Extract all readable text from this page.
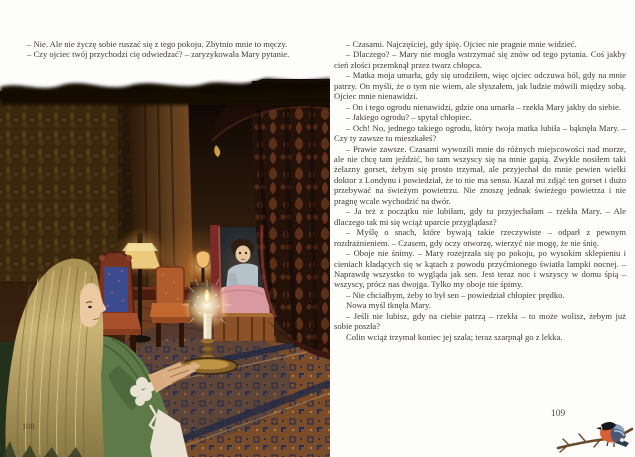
– Nie. Ale nie życzę sobie ruszać się z tego pokoju. Zbytnio mnie to męczy.

– Czy ojciec twój przychodzi cię odwiedzać? – zaryzykowała Mary pytanie.

108

– Czasami. Najczęściej, gdy śpię. Ojciec nie pragnie mnie widzieć.

– Dlaczego? – Mary nie mogła wstrzymać się znów od tego pytania. Coś jakby cień złości przemknął przez twarz chłopca.

– Matka moja umarła, gdy się urodziłem, więc ojciec odczuwa ból, gdy na mnie patrzy. On myśli, że o tym nie wiem, ale słyszałem, jak ludzie mówili między sobą. Ojciec mnie nienawidzi.

– On i tego ogrodu nienawidzi, gdzie ona umarła – rzekła Mary jakby do siebie.

– Jakiego ogrodu? – spytał chłopiec.

– Och! No, jednego takiego ogrodu, który twoja matka lubiła – bąknęła Mary. – Czy ty zawsze tu mieszkałeś?

– Prawie zawsze. Czasami wywozili mnie do różnych miejscowości nad morze, ale nie chcę tam jeździć, bo tam wszyscy się na mnie gapią. Zwykle nosiłem taki żelazny gorset, żebym się prosto trzymał, ale przyjechał do mnie pewien wielki doktor z Londynu i powiedział, że to nie ma sensu. Kazał mi zdjąć ten gorset i dużo przebywać na świeżym powietrzu. Nie znoszę jednak świeżego powietrza i nie pragnę wcale wychodzić na dwór.

– Ja też z początku nie lubiłam, gdy tu przyjechałam – rzekła Mary. – Ale dlaczego tak mi się wciąż uparcie przyglądasz?

– Myślę o snach, które bywają takie rzeczywiste – odparł z pewnym rozdrażnieniem. – Czasem, gdy oczy otworzę, wierzyć nie mogę, że nie śnię.

– Oboje nie śnimy. – Mary rozejrzała się po pokoju, po wysokim sklepieniu i cieniach kładących się w kątach z powodu przyćmionego światła lampki nocnej. – Naprawdę wszystko to wygląda jak sen. Jest teraz noc i wszyscy w domu śpią – wszyscy, prócz nas dwojga. Tylko my oboje nie śpimy.

– Nie chciałbym, żeby to był sen – powiedział chłopiec prędko.

Nowa myśl tknęła Mary.

– Jeśli nie lubisz, gdy na ciebie patrzą – rzekła – to może wolisz, żebym już sobie poszła?

Colin wciąż trzymał koniec jej szala; teraz szarpnął go z lekka.

109
